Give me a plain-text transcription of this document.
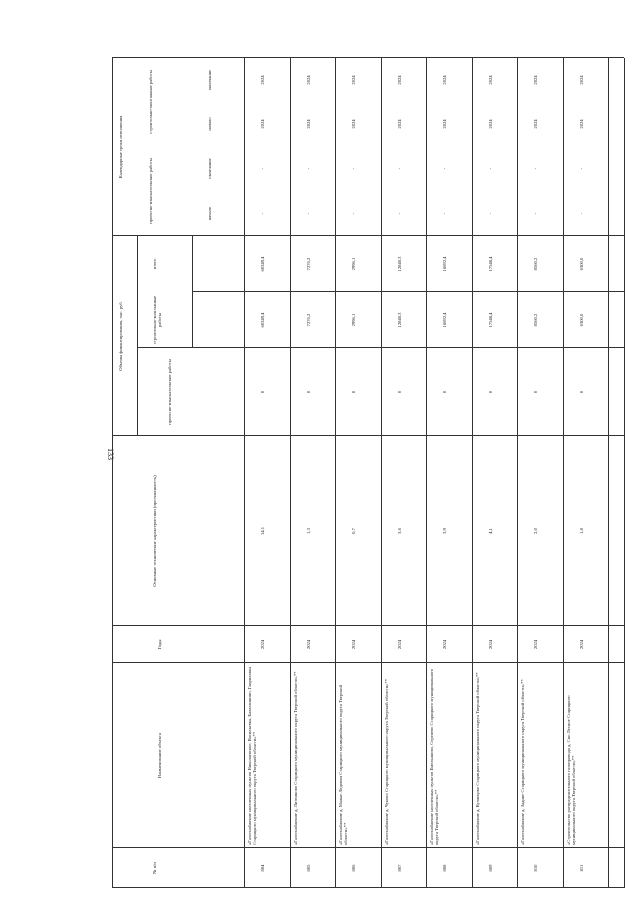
133
№ п/п
Наименование объекта
Годы
Основные технические характеристики (протяженность)
Объемы финансирования, тыс. руб.
проектно-изыскательские работы
строительно-монтажные работы
итого
Календарные сроки исполнения
проектно-изыскательские работы
строительно-монтажные работы
начало
окончание
начало
окончание
804
«Газоснабжение населенных пунктов Николаевское, Васильевка, Балаганнино, Гавриловка Старицкого муниципального округа Тверской области»**
2024
14,1
0
60349,4
60349,4
-
-
2024
2024
805
«Газоснабжение д. Литвиново Старицкого муниципального округа Тверской области»**
2024
1,3
0
7276,2
7276,2
-
-
2024
2024
806
«Газоснабжение д. Малые Ледовки Старицкого муниципального округа Тверской области»**
2024
0,7
0
2996,1
2996,1
-
-
2024
2024
807
«Газоснабжение д. Чуково Старицкого муниципального округа Тверской области»**
2024
3,6
0
12840,3
12840,3
-
-
2024
2024
808
«Газоснабжение населенных пунктов Емельяново, Сергиево Старицкого муниципального округа Тверской области»**
2024
3,9
0
16692,4
16692,4
-
-
2024
2024
809
«Газоснабжение д. Кузнецово Старицкого муниципального округа Тверской области»**
2024
4,1
0
17548,4
17548,4
-
-
2024
2024
810
«Газоснабжение д. Задние Старицкого муниципального округа Тверской области»**
2024
2,0
0
8560,2
8560,2
-
-
2024
2024
811
«Строительство распределительного газопровода д. Сно Лесное Старицкого муниципального округа Тверской области»**
2024
1,8
0
6300,0
6300,0
-
-
2024
2024
